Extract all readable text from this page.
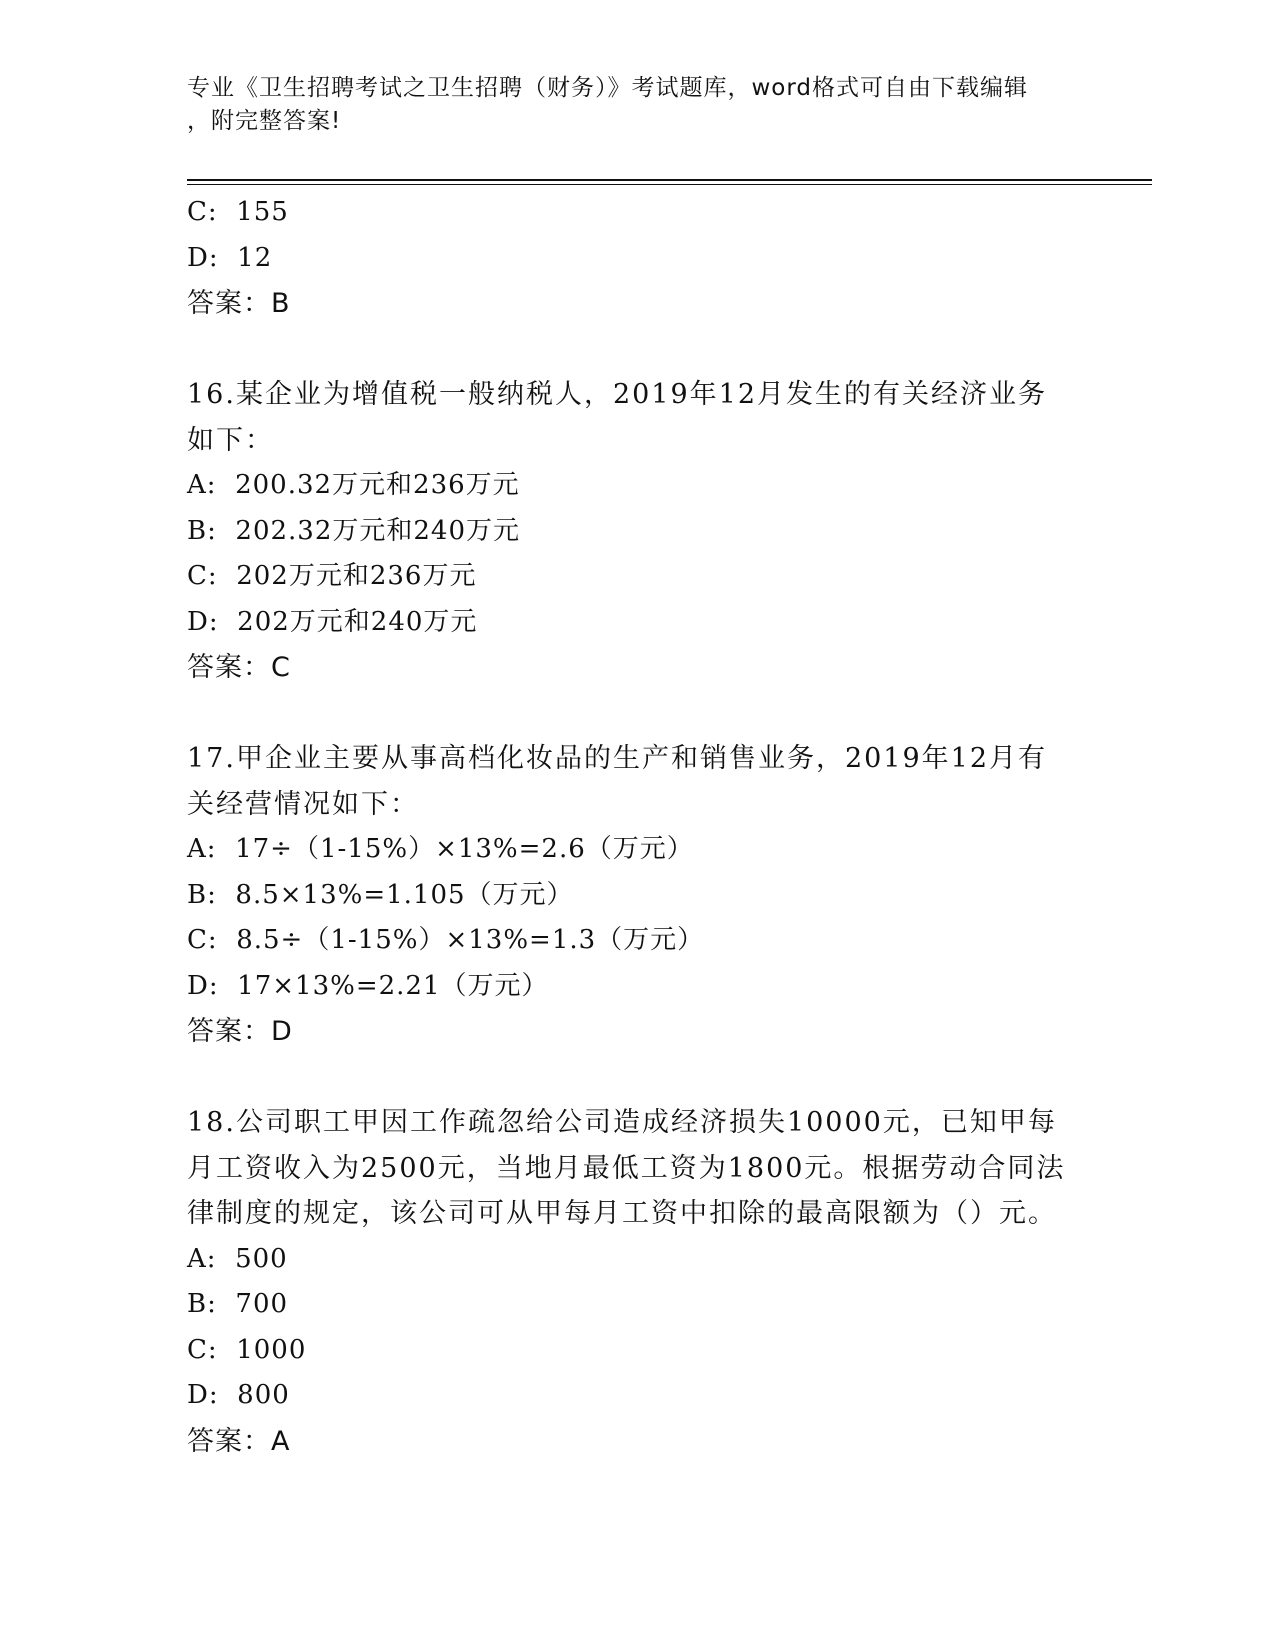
专业《卫生招聘考试之卫生招聘（财务）》考试题库，word格式可自由下载编辑
，附完整答案!
C:  155
D:  12
答案：B
16.某企业为增值税一般纳税人，2019年12月发生的有关经济业务如下：
A:  200.32万元和236万元
B:  202.32万元和240万元
C:  202万元和236万元
D:  202万元和240万元
答案：C
17.甲企业主要从事高档化妆品的生产和销售业务，2019年12月有关经营情况如下：
A:  17÷（1-15%）×13%=2.6（万元）
B:  8.5×13%=1.105（万元）
C:  8.5÷（1-15%）×13%=1.3（万元）
D:  17×13%=2.21（万元）
答案：D
18.公司职工甲因工作疏忽给公司造成经济损失10000元，已知甲每月工资收入为2500元，当地月最低工资为1800元。根据劳动合同法律制度的规定，该公司可从甲每月工资中扣除的最高限额为（）元。
A:  500
B:  700
C:  1000
D:  800
答案：A
